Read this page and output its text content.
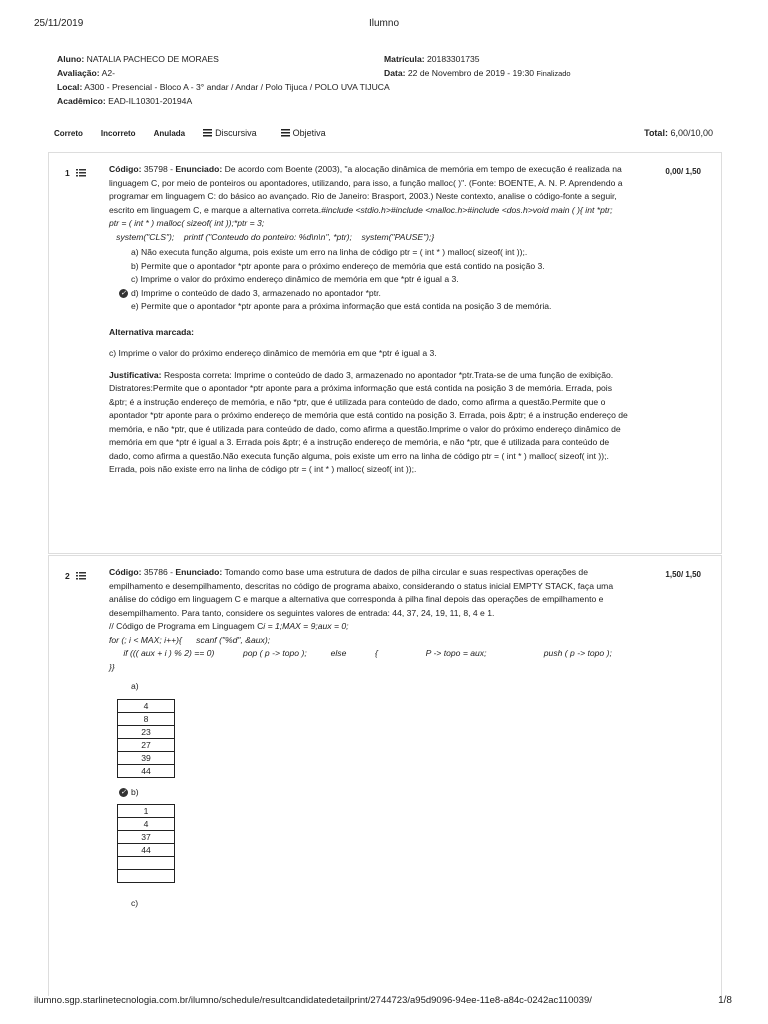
25/11/2019	Ilumno
Aluno: NATALIA PACHECO DE MORAES
Avaliação: A2-
Local: A300 - Presencial - Bloco A - 3° andar / Andar / Polo Tijuca / POLO UVA TIJUCA
Acadêmico: EAD-IL10301-20194A
Matrícula: 20183301735
Data: 22 de Novembro de 2019 - 19:30 Finalizado
Correto Incorreto Anulada	Discursiva	Objetiva	Total: 6,00/10,00
1	0,00/ 1,50
Código: 35798 - Enunciado: De acordo com Boente (2003), "a alocação dinâmica de memória em tempo de execução é realizada na linguagem C, por meio de ponteiros ou apontadores, utilizando, para isso, a função malloc( )". (Fonte: BOENTE, A. N. P. Aprendendo a programar em linguagem C: do básico ao avançado. Rio de Janeiro: Brasport, 2003.) Neste contexto, analise o código-fonte a seguir, escrito em linguagem C, e marque a alternativa correta.#include <stdio.h>#include <malloc.h>#include <dos.h>void main ( ){ int *ptr;
ptr = ( int * ) malloc( sizeof( int ));*ptr = 3;
system("CLS");    printf ("Conteudo do ponteiro: %d\n\n", *ptr);    system("PAUSE");}
a) Não executa função alguma, pois existe um erro na linha de código ptr = ( int * ) malloc( sizeof( int ));.
b) Permite que o apontador *ptr aponte para o próximo endereço de memória que está contido na posição 3.
c) Imprime o valor do próximo endereço dinâmico de memória em que *ptr é igual a 3.
✓ d) Imprime o conteúdo de dado 3, armazenado no apontador *ptr.
e) Permite que o apontador *ptr aponte para a próxima informação que está contida na posição 3 de memória.
Alternativa marcada:
c) Imprime o valor do próximo endereço dinâmico de memória em que *ptr é igual a 3.
Justificativa: Resposta correta: Imprime o conteúdo de dado 3, armazenado no apontador *ptr.Trata-se de uma função de exibição.
Distratores:Permite que o apontador *ptr aponte para a próxima informação que está contida na posição 3 de memória. Errada, pois &ptr; é a instrução endereço de memória, e não *ptr, que é utilizada para conteúdo de dado, como afirma a questão.Permite que o apontador *ptr aponte para o próximo endereço de memória que está contido na posição 3. Errada, pois &ptr; é a instrução endereço de memória, e não *ptr, que é utilizada para conteúdo de dado, como afirma a questão.Imprime o valor do próximo endereço dinâmico de memória em que *ptr é igual a 3. Errada pois &ptr; é a instrução endereço de memória, e não *ptr, que é utilizada para conteúdo de dado, como afirma a questão.Não executa função alguma, pois existe um erro na linha de código ptr = ( int * ) malloc( sizeof( int ));. Errada, pois não existe erro na linha de código ptr = ( int * ) malloc( sizeof( int ));.
2	1,50/ 1,50
Código: 35786 - Enunciado: Tomando como base uma estrutura de dados de pilha circular e suas respectivas operações de empilhamento e desempilhamento, descritas no código de programa abaixo, considerando o status inicial EMPTY STACK, faça uma análise do código em linguagem C e marque a alternativa que corresponda à pilha final depois das operações de empilhamento e desempilhamento. Para tanto, considere os seguintes valores de entrada: 44, 37, 24, 19, 11, 8, 4 e 1.
// Código de Programa em Linguagem Ci = 1;MAX = 9;aux = 0;
for (; i < MAX; i++){      scanf ("%d", &aux);
if ((( aux + i ) % 2) == 0)            pop ( p -> topo );          else            {                    P -> topo = aux;                        push ( p -> topo );
}}
a)
4
8
23
27
39
44
✓ b)
1
4
37
44

c)
ilumno.sgp.starlinetecnologia.com.br/ilumno/schedule/resultcandidatedetailprint/2744723/a95d9096-94ee-11e8-a84c-0242ac110039/	1/8
